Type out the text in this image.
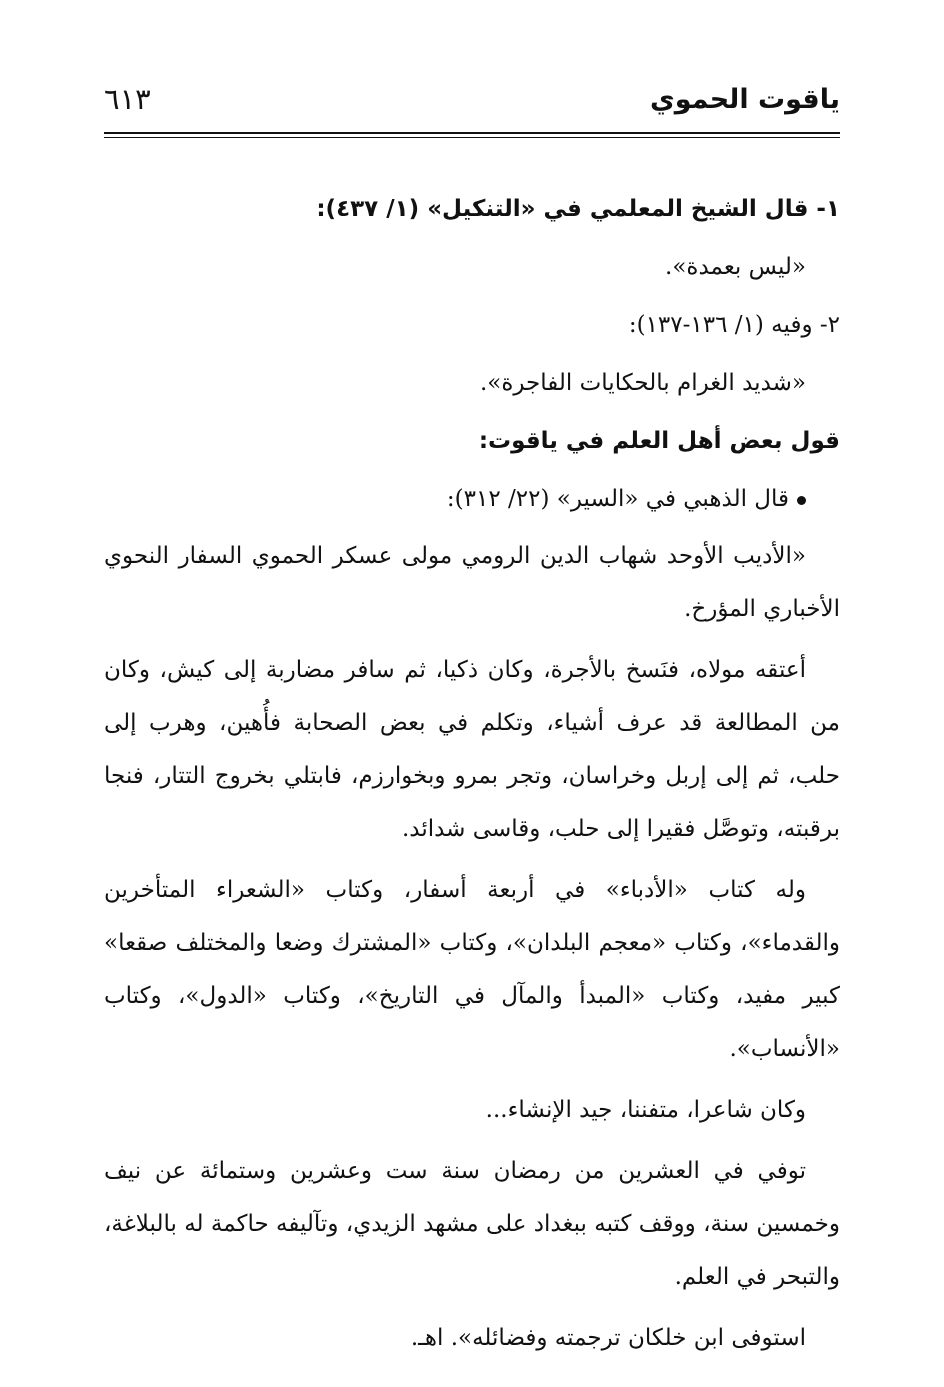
ياقوت الحموي
٦١٣

١- قال الشيخ المعلمي في «التنكيل» (١/ ٤٣٧):

«ليس بعمدة».

٢- وفيه (١/ ١٣٦-١٣٧):

«شديد الغرام بالحكايات الفاجرة».

قول بعض أهل العلم في ياقوت:

قال الذهبي في «السير» (٢٢/ ٣١٢):

«الأديب الأوحد شهاب الدين الرومي مولى عسكر الحموي السفار النحوي الأخباري المؤرخ.

أعتقه مولاه، فنَسخ بالأجرة، وكان ذكيا، ثم سافر مضاربة إلى كيش، وكان من المطالعة قد عرف أشياء، وتكلم في بعض الصحابة فأُهين، وهرب إلى حلب، ثم إلى إربل وخراسان، وتجر بمرو وبخوارزم، فابتلي بخروج التتار، فنجا برقبته، وتوصَّل فقيرا إلى حلب، وقاسى شدائد.

وله كتاب «الأدباء» في أربعة أسفار، وكتاب «الشعراء المتأخرين والقدماء»، وكتاب «معجم البلدان»، وكتاب «المشترك وضعا والمختلف صقعا» كبير مفيد، وكتاب «المبدأ والمآل في التاريخ»، وكتاب «الدول»، وكتاب «الأنساب».

وكان شاعرا، متفننا، جيد الإنشاء...

توفي في العشرين من رمضان سنة ست وعشرين وستمائة عن نيف وخمسين سنة، ووقف كتبه ببغداد على مشهد الزيدي، وتآليفه حاكمة له بالبلاغة، والتبحر في العلم.

استوفى ابن خلكان ترجمته وفضائله». اهـ.
